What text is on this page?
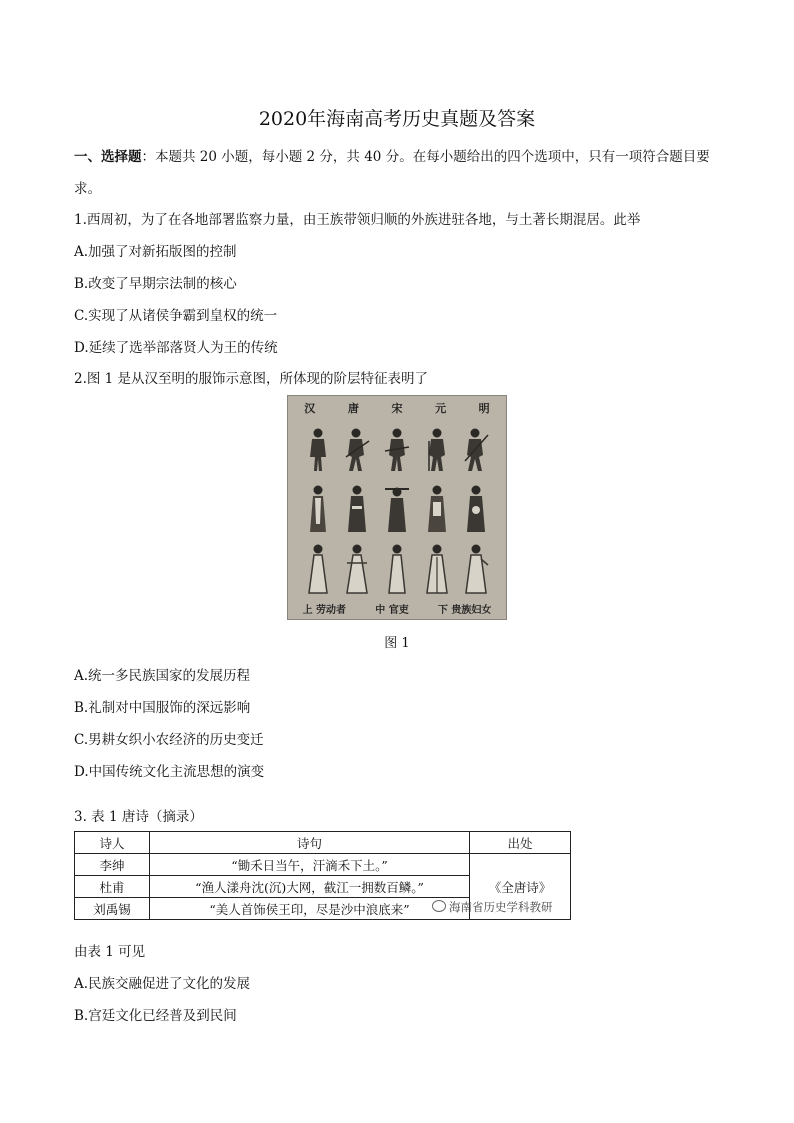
2020年海南高考历史真题及答案
一、选择题：本题共 20 小题，每小题 2 分，共 40 分。在每小题给出的四个选项中，只有一项符合题目要
求。
1.西周初，为了在各地部署监察力量，由王族带领归顺的外族进驻各地，与土著长期混居。此举
A.加强了对新拓版图的控制
B.改变了早期宗法制的核心
C.实现了从诸侯争霸到皇权的统一
D.延续了选举部落贤人为王的传统
2.图 1 是从汉至明的服饰示意图，所体现的阶层特征表明了
汉	唐	宋	元	明
上 劳动者	中 官吏	下 贵族妇女
图 1
A.统一多民族国家的发展历程
B.礼制对中国服饰的深远影响
C.男耕女织小农经济的历史变迁
D.中国传统文化主流思想的演变
3. 表 1 唐诗（摘录）
诗人	诗句	出处
李绅	“锄禾日当午，汗滴禾下土。”	《全唐诗》
杜甫	“渔人漾舟沈(沉)大网，截江一拥数百鳞。”	
刘禹锡	“美人首饰侯王印，尽是沙中浪底来”		海南省历史学科教研
由表 1 可见
A.民族交融促进了文化的发展
B.宫廷文化已经普及到民间
